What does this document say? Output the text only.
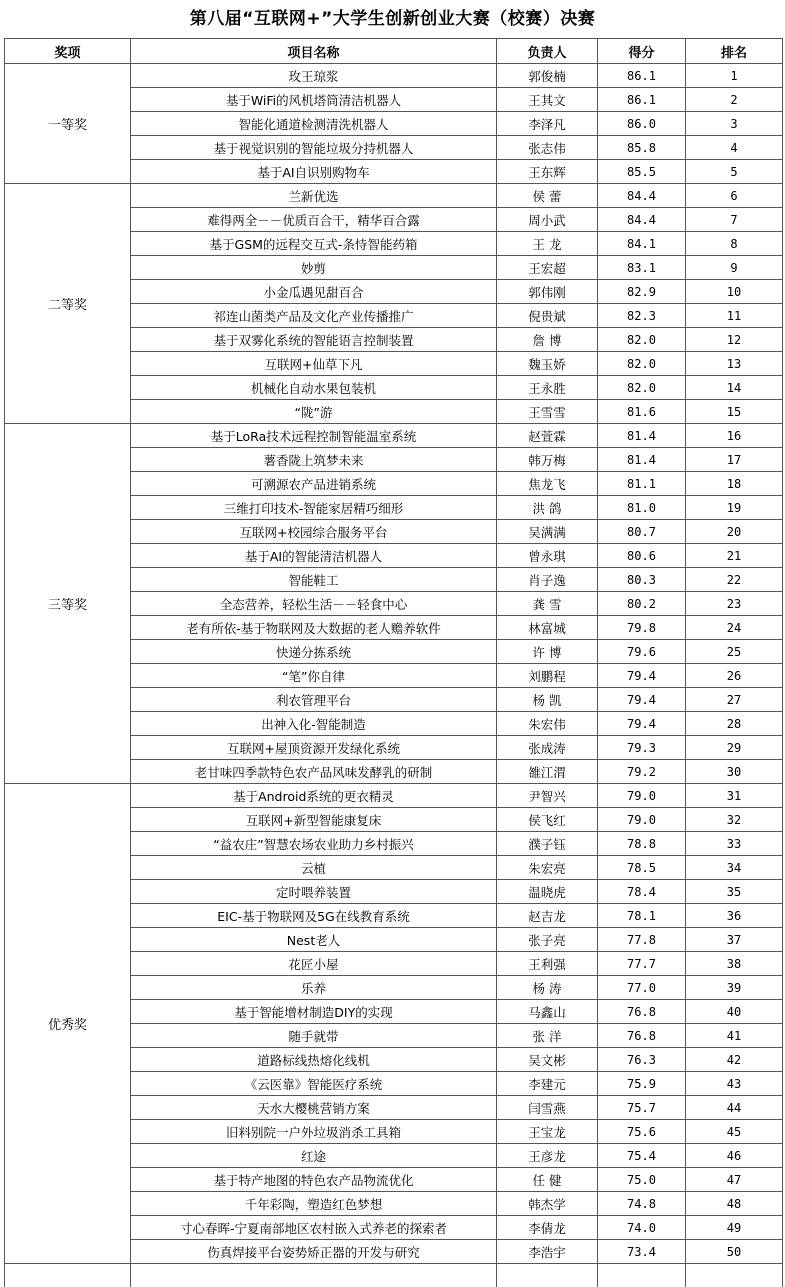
第八届“互联网+”大学生创新创业大赛（校赛）决赛
奖项	项目名称	负责人	得分	排名
一等奖	玫王琼浆	郭俊楠	86.1	1
	基于WiFi的风机塔筒清洁机器人	王其文	86.1	2
	智能化通道检测清洗机器人	李泽凡	86.0	3
	基于视觉识别的智能垃圾分持机器人	张志伟	85.8	4
	基于AI自识别购物车	王东辉	85.5	5
二等奖	兰新优选	侯 蕾	84.4	6
	难得两全－－优质百合干，精华百合露	周小武	84.4	7
	基于GSM的远程交互式-条恃智能药箱	王 龙	84.1	8
	妙剪	王宏超	83.1	9
	小金瓜遇见甜百合	郭伟刚	82.9	10
	祁连山菌类产品及文化产业传播推广	倪贵斌	82.3	11
	基于双雾化系统的智能语言控制装置	詹 博	82.0	12
	互联网+仙草下凡	魏玉娇	82.0	13
	机械化自动水果包装机	王永胜	82.0	14
	“陇”游	王雪雪	81.6	15
三等奖	基于LoRa技术远程控制智能温室系统	赵萱霖	81.4	16
	薯香陇上筑梦未来	韩万梅	81.4	17
	可溯源农产品进销系统	焦龙飞	81.1	18
	三维打印技术-智能家居精巧细形	洪 鸽	81.0	19
	互联网+校园综合服务平台	吴满满	80.7	20
	基于AI的智能清洁机器人	曾永琪	80.6	21
	智能鞋工	肖子逸	80.3	22
	全态营养，轻松生活－－轻食中心	龚 雪	80.2	23
	老有所依-基于物联网及大数据的老人赡养软件	林富城	79.8	24
	快递分拣系统	许 博	79.6	25
	“笔”你自律	刘鹏程	79.4	26
	利农管理平台	杨 凯	79.4	27
	出神入化-智能制造	朱宏伟	79.4	28
	互联网+屋顶资源开发绿化系统	张成涛	79.3	29
	老甘味四季款特色农产品风味发酵乳的研制	雒江渭	79.2	30
优秀奖	基于Android系统的更衣精灵	尹智兴	79.0	31
	互联网+新型智能康复床	侯飞红	79.0	32
	“益农庄”智慧农场农业助力乡村振兴	濮子钰	78.8	33
	云植	朱宏亮	78.5	34
	定时喂养装置	温晓虎	78.4	35
	EIC-基于物联网及5G在线教育系统	赵吉龙	78.1	36
	Nest老人	张子亮	77.8	37
	花匠小屋	王利强	77.7	38
	乐养	杨 涛	77.0	39
	基于智能增材制造DIY的实现	马鑫山	76.8	40
	随手就带	张 洋	76.8	41
	道路标线热熔化线机	吴文彬	76.3	42
	《云医靠》智能医疗系统	李建元	75.9	43
	天水大樱桃营销方案	闫雪燕	75.7	44
	旧料别院一户外垃圾消杀工具箱	王宝龙	75.6	45
	红途	王彦龙	75.4	46
	基于特产地图的特色农产品物流优化	任 健	75.0	47
	千年彩陶，塑造红色梦想	韩杰学	74.8	48
	寸心春晖-宁夏南部地区农村嵌入式养老的探索者	李倩龙	74.0	49
	伤真焊接平台姿势矫正器的开发与研究	李浩宇	73.4	50
